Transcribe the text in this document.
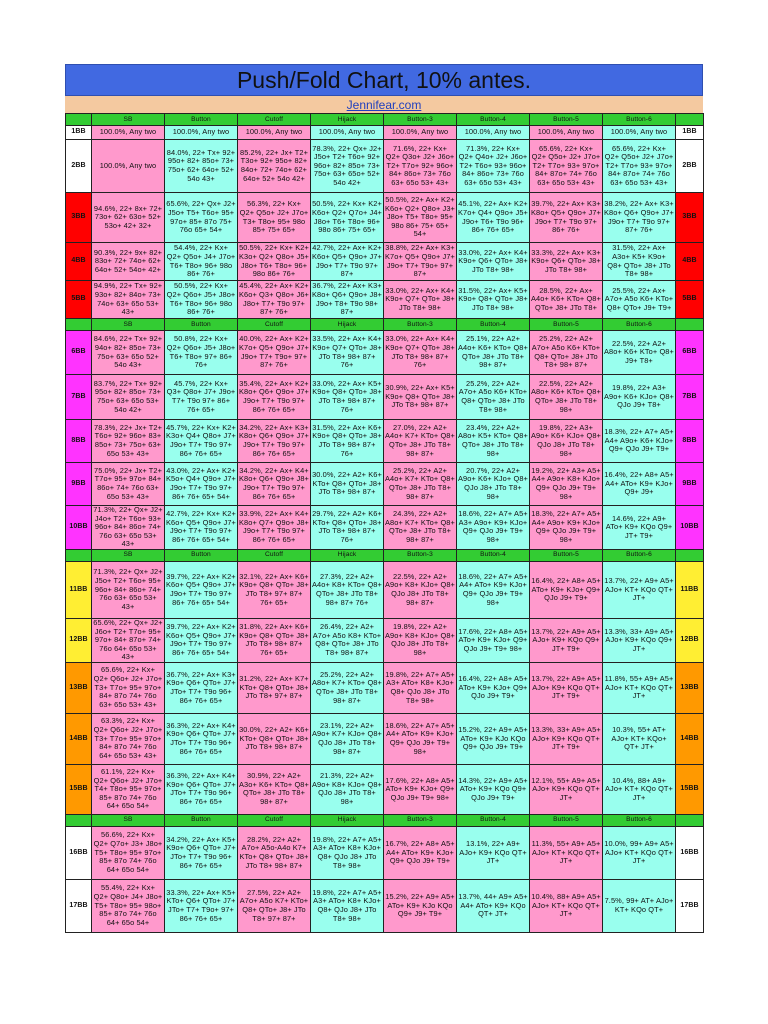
Push/Fold Chart, 10% antes.
Jennifear.com
	SB	Button	Cutoff	Hijack	Button-3	Button-4	Button-5	Button-6	
1BB	100.0%, Any two	100.0%, Any two	100.0%, Any two	100.0%, Any two	100.0%, Any two	100.0%, Any two	100.0%, Any two	100.0%, Any two	1BB
2BB	100.0%, Any two	84.0%, 22+ Tx+ 92+ 95o+ 82+ 85o+ 73+ 75o+ 62+ 64o+ 52+ 54o 43+	85.2%, 22+ Jx+ T2+ T3o+ 92+ 95o+ 82+ 84o+ 72+ 74o+ 62+ 64o+ 52+ 54o 42+	78.3%, 22+ Qx+ J2+ J5o+ T2+ T6o+ 92+ 96o+ 82+ 85o+ 73+ 75o+ 63+ 65o+ 52+ 54o 42+	71.6%, 22+ Kx+ Q2+ Q3o+ J2+ J6o+ T2+ T7o+ 92+ 96o+ 84+ 86o+ 73+ 76o 63+ 65o 53+ 43+	71.3%, 22+ Kx+ Q2+ Q4o+ J2+ J6o+ T2+ T6o+ 93+ 96o+ 84+ 86o+ 73+ 76o 63+ 65o 53+ 43+	65.6%, 22+ Kx+ Q2+ Q5o+ J2+ J7o+ T2+ T7o+ 93+ 97o+ 84+ 87o+ 74+ 76o 63+ 65o 53+ 43+	65.6%, 22+ Kx+ Q2+ Q5o+ J2+ J7o+ T2+ T7o+ 93+ 97o+ 84+ 87o+ 74+ 76o 63+ 65o 53+ 43+	2BB
3BB	94.6%, 22+ 8x+ 72+ 73o+ 62+ 63o+ 52+ 53o+ 42+ 32+	65.6%, 22+ Qx+ J2+ J5o+ T5+ T6o+ 95+ 97o+ 85+ 87o 75+ 76o 65+ 54+	56.3%, 22+ Kx+ Q2+ Q5o+ J2+ J7o+ T3+ T8o+ 95+ 98o 85+ 75+ 65+	50.5%, 22+ Kx+ K2+ K6o+ Q2+ Q7o+ J4+ J8o+ T6+ T8o+ 96+ 98o 86+ 75+ 65+	50.5%, 22+ Ax+ K2+ K6o+ Q2+ Q8o+ J3+ J8o+ T5+ T8o+ 95+ 98o 86+ 75+ 65+ 54+	45.1%, 22+ Ax+ K2+ K7o+ Q4+ Q9o+ J5+ J9o+ T6+ T9o 96+ 86+ 76+ 65+	39.7%, 22+ Ax+ K3+ K8o+ Q5+ Q9o+ J7+ J9o+ T7+ T9o 97+ 86+ 76+	38.2%, 22+ Ax+ K3+ K8o+ Q6+ Q9o+ J7+ J9o+ T7+ T9o 97+ 87+ 76+	3BB
4BB	90.3%, 22+ 9x+ 82+ 83o+ 72+ 74o+ 62+ 64o+ 52+ 54o+ 42+	54.4%, 22+ Kx+ Q2+ Q5o+ J4+ J7o+ T6+ T8o+ 96+ 98o 86+ 76+	50.5%, 22+ Kx+ K2+ K3o+ Q2+ Q8o+ J5+ J8o+ T6+ T8o+ 96+ 98o 86+ 76+	42.7%, 22+ Ax+ K2+ K6o+ Q5+ Q9o+ J7+ J9o+ T7+ T9o 97+ 87+	38.8%, 22+ Ax+ K3+ K7o+ Q5+ Q9o+ J7+ J9o+ T7+ T9o+ 97+ 87+	33.0%, 22+ Ax+ K4+ K9o+ Q6+ QTo+ J8+ JTo T8+ 98+	33.3%, 22+ Ax+ K3+ K9o+ Q6+ QTo+ J8+ JTo T8+ 98+	31.5%, 22+ Ax+ A3o+ K5+ K9o+ Q8+ QTo+ J8+ JTo T8+ 98+	4BB
5BB	94.9%, 22+ Tx+ 92+ 93o+ 82+ 84o+ 73+ 74o+ 63+ 65o 53+ 43+	50.5%, 22+ Kx+ Q2+ Q6o+ J5+ J8o+ T6+ T8o+ 96+ 98o 86+ 76+	45.4%, 22+ Ax+ K2+ K6o+ Q3+ Q8o+ J6+ J8o+ T7+ T9o 97+ 87+ 76+	36.7%, 22+ Ax+ K3+ K8o+ Q6+ Q9o+ J8+ J9o+ T8+ T9o 98+ 87+	33.0%, 22+ Ax+ K4+ K9o+ Q7+ QTo+ J8+ JTo T8+ 98+	31.5%, 22+ Ax+ K5+ K9o+ Q8+ QTo+ J8+ JTo T8+ 98+	28.5%, 22+ Ax+ A4o+ K6+ KTo+ Q8+ QTo+ J8+ JTo T8+	25.5%, 22+ Ax+ A7o+ A5o K6+ KTo+ Q8+ QTo+ J9+ T9+	5BB
	SB	Button	Cutoff	Hijack	Button-3	Button-4	Button-5	Button-6	
6BB	84.6%, 22+ Tx+ 92+ 94o+ 82+ 85o+ 73+ 75o+ 63+ 65o 52+ 54o 43+	50.8%, 22+ Kx+ Q2+ Q6o+ J5+ J8o+ T6+ T8o+ 97+ 86+ 76+	40.0%, 22+ Ax+ K2+ K7o+ Q5+ Q9o+ J7+ J9o+ T7+ T9o+ 97+ 87+ 76+	33.5%, 22+ Ax+ K4+ K9o+ Q7+ QTo+ J8+ JTo T8+ 98+ 87+ 76+	33.0%, 22+ Ax+ K4+ K9o+ Q7+ QTo+ J8+ JTo T8+ 98+ 87+ 76+	25.1%, 22+ A2+ A4o+ K6+ KTo+ Q8+ QTo+ J8+ JTo T8+ 98+ 87+	25.2%, 22+ A2+ A7o+ A5o K6+ KTo+ Q8+ QTo+ J8+ JTo T8+ 98+ 87+	22.5%, 22+ A2+ A8o+ K6+ KTo+ Q8+ J9+ T8+	6BB
7BB	83.7%, 22+ Tx+ 92+ 95o+ 82+ 85o+ 73+ 75o+ 63+ 65o 53+ 54o 42+	45.7%, 22+ Kx+ Q3+ Q8o+ J7+ J9o+ T7+ T9o 97+ 86+ 76+ 65+	35.4%, 22+ Ax+ K2+ K8o+ Q6+ Q9o+ J7+ J9o+ T7+ T9o 97+ 86+ 76+ 65+	33.0%, 22+ Ax+ K5+ K9o+ Q8+ QTo+ J8+ JTo T8+ 98+ 87+ 76+	30.9%, 22+ Ax+ K5+ K9o+ Q8+ QTo+ J8+ JTo T8+ 98+ 87+	25.2%, 22+ A2+ A7o+ A5o K6+ KTo+ Q8+ QTo+ J8+ JTo T8+ 98+	22.5%, 22+ A2+ A8o+ K6+ KTo+ Q8+ QTo+ J8+ JTo T8+ 98+	19.8%, 22+ A3+ A9o+ K6+ KJo+ Q8+ QJo J9+ T8+	7BB
8BB	78.3%, 22+ Jx+ T2+ T6o+ 92+ 96o+ 83+ 85o+ 73+ 75o+ 63+ 65o 53+ 43+	45.7%, 22+ Kx+ K2+ K3o+ Q4+ Q8o+ J7+ J9o+ T7+ T9o 97+ 86+ 76+ 65+	34.2%, 22+ Ax+ K3+ K8o+ Q6+ Q9o+ J7+ J9o+ T7+ T9o 97+ 86+ 76+ 65+	31.5%, 22+ Ax+ K6+ K9o+ Q8+ QTo+ J8+ JTo T8+ 98+ 87+ 76+	27.0%, 22+ A2+ A4o+ K7+ KTo+ Q8+ QTo+ J8+ JTo T8+ 98+ 87+	23.4%, 22+ A2+ A8o+ K5+ KTo+ Q8+ QTo+ J8+ JTo T8+ 98+	19.8%, 22+ A3+ A9o+ K6+ KJo+ Q8+ QJo J8+ JTo T8+ 98+	18.3%, 22+ A7+ A5+ A4+ A9o+ K6+ KJo+ Q9+ QJo J9+ T9+	8BB
9BB	75.0%, 22+ Jx+ T2+ T7o+ 95+ 97o+ 84+ 86o+ 74+ 76o 63+ 65o 53+ 43+	43.0%, 22+ Ax+ K2+ K5o+ Q4+ Q9o+ J7+ J9o+ T7+ T9o 97+ 86+ 76+ 65+ 54+	34.2%, 22+ Ax+ K4+ K8o+ Q6+ Q9o+ J8+ J9o+ T7+ T9o 97+ 86+ 76+ 65+	30.0%, 22+ A2+ K6+ KTo+ Q8+ QTo+ J8+ JTo T8+ 98+ 87+	25.2%, 22+ A2+ A4o+ K7+ KTo+ Q8+ QTo+ J8+ JTo T8+ 98+ 87+	20.7%, 22+ A2+ A9o+ K6+ KJo+ Q8+ QJo J8+ JTo T8+ 98+	19.2%, 22+ A3+ A5+ A4+ A9o+ K8+ KJo+ Q9+ QJo J9+ T9+ 98+	16.4%, 22+ A8+ A5+ A4+ ATo+ K9+ KJo+ Q9+ J9+	9BB
10BB	71.3%, 22+ Qx+ J2+ J4o+ T2+ T6o+ 93+ 96o+ 84+ 86o+ 74+ 76o 63+ 65o 53+ 43+	42.7%, 22+ Kx+ K2+ K6o+ Q5+ Q9o+ J7+ J9o+ T7+ T9o 97+ 86+ 76+ 65+ 54+	33.9%, 22+ Ax+ K4+ K8o+ Q7+ Q9o+ J8+ J9o+ T7+ T9o 97+ 86+ 76+ 65+	29.7%, 22+ A2+ K6+ KTo+ Q8+ QTo+ J8+ JTo T8+ 98+ 87+ 76+	24.3%, 22+ A2+ A8o+ K7+ KTo+ Q8+ QTo+ J8+ JTo T8+ 98+ 87+	18.6%, 22+ A7+ A5+ A3+ A9o+ K9+ KJo+ Q9+ QJo J9+ T9+ 98+	18.3%, 22+ A7+ A5+ A4+ A9o+ K9+ KJo+ Q9+ QJo J9+ T9+ 98+	14.6%, 22+ A9+ ATo+ K9+ KQo Q9+ JT+ T9+	10BB
	SB	Button	Cutoff	Hijack	Button-3	Button-4	Button-5	Button-6	
11BB	71.3%, 22+ Qx+ J2+ J5o+ T2+ T6o+ 95+ 96o+ 84+ 86o+ 74+ 76o 63+ 65o 53+ 43+	39.7%, 22+ Ax+ K2+ K6o+ Q5+ Q9o+ J7+ J9o+ T7+ T9o 97+ 86+ 76+ 65+ 54+	32.1%, 22+ Ax+ K6+ K9o+ Q8+ QTo+ J8+ JTo T8+ 97+ 87+ 76+ 65+	27.3%, 22+ A2+ A4o+ K8+ KTo+ Q8+ QTo+ J8+ JTo T8+ 98+ 87+ 76+	22.5%, 22+ A2+ A9o+ K8+ KJo+ Q8+ QJo J8+ JTo T8+ 98+ 87+	18.6%, 22+ A7+ A5+ A4+ ATo+ K9+ KJo+ Q9+ QJo J9+ T9+ 98+	16.4%, 22+ A8+ A5+ ATo+ K9+ KJo+ Q9+ QJo J9+ T9+	13.7%, 22+ A9+ A5+ AJo+ KT+ KQo QT+ JT+	11BB
12BB	65.6%, 22+ Qx+ J2+ J6o+ T2+ T7o+ 95+ 97o+ 84+ 87o+ 74+ 76o 64+ 65o 53+ 43+	39.7%, 22+ Ax+ K2+ K6o+ Q5+ Q9o+ J7+ J9o+ T7+ T9o 97+ 86+ 76+ 65+ 54+	31.8%, 22+ Ax+ K6+ K9o+ Q8+ QTo+ J8+ JTo T8+ 98+ 87+ 76+ 65+	26.4%, 22+ A2+ A7o+ A5o K8+ KTo+ Q8+ QTo+ J8+ JTo T8+ 98+ 87+	19.8%, 22+ A2+ A9o+ K8+ KJo+ Q8+ QJo J8+ JTo T8+ 98+	17.6%, 22+ A8+ A5+ ATo+ K9+ KJo+ Q9+ QJo J9+ T9+ 98+	13.7%, 22+ A9+ A5+ AJo+ K9+ KQo Q9+ JT+ T9+	13.3%, 33+ A9+ A5+ AJo+ K9+ KQo Q9+ JT+	12BB
13BB	65.6%, 22+ Kx+ Q2+ Q6o+ J2+ J7o+ T3+ T7o+ 95+ 97o+ 84+ 87o 74+ 76o 63+ 65o 53+ 43+	36.7%, 22+ Ax+ K3+ K9o+ Q6+ QTo+ J7+ JTo+ T7+ T9o 96+ 86+ 76+ 65+	31.2%, 22+ Ax+ K7+ KTo+ Q8+ QTo+ J8+ JTo T8+ 97+ 87+	25.2%, 22+ A2+ A8o+ K7+ KTo+ Q8+ QTo+ J8+ JTo T8+ 98+ 87+	19.8%, 22+ A7+ A5+ A3+ ATo+ K8+ KJo+ Q8+ QJo J8+ JTo T8+ 98+	16.4%, 22+ A8+ A5+ ATo+ K9+ KJo+ Q9+ QJo J9+ T9+	13.7%, 22+ A9+ A5+ AJo+ K9+ KQo QT+ JT+ T9+	11.8%, 55+ A9+ A5+ AJo+ KT+ KQo QT+ JT+	13BB
14BB	63.3%, 22+ Kx+ Q2+ Q6o+ J2+ J7o+ T3+ T7o+ 95+ 97o+ 84+ 87o 74+ 76o 64+ 65o 53+ 43+	36.3%, 22+ Ax+ K4+ K9o+ Q6+ QTo+ J7+ JTo+ T7+ T9o 96+ 86+ 76+ 65+	30.0%, 22+ A2+ K6+ KTo+ Q8+ QTo+ J8+ JTo T8+ 98+ 87+	23.1%, 22+ A2+ A9o+ K7+ KJo+ Q8+ QJo J8+ JTo T8+ 98+ 87+	18.6%, 22+ A7+ A5+ A4+ ATo+ K9+ KJo+ Q9+ QJo J9+ T9+ 98+	15.2%, 22+ A9+ A5+ ATo+ K9+ KJo KQo Q9+ QJo J9+ T9+	13.3%, 33+ A9+ A5+ AJo+ K9+ KQo QT+ JT+ T9+	10.3%, 55+ AT+ AJo+ KT+ KQo+ QT+ JT+	14BB
15BB	61.1%, 22+ Kx+ Q2+ Q6o+ J2+ J7o+ T4+ T8o+ 95+ 97o+ 85+ 87o 74+ 76o 64+ 65o 54+	36.3%, 22+ Ax+ K4+ K9o+ Q6+ QTo+ J7+ JTo+ T7+ T9o 96+ 86+ 76+ 65+	30.9%, 22+ A2+ A3o+ K6+ KTo+ Q8+ QTo+ J8+ JTo T8+ 98+ 87+	21.3%, 22+ A2+ A9o+ K8+ KJo+ Q8+ QJo J8+ JTo T8+ 98+	17.6%, 22+ A8+ A5+ ATo+ K9+ KJo+ Q9+ QJo J9+ T9+ 98+	14.3%, 22+ A9+ A5+ ATo+ K9+ KQo Q9+ QJo J9+ T9+	12.1%, 55+ A9+ A5+ AJo+ K9+ KQo QT+ JT+	10.4%, 88+ A9+ AJo+ KT+ KQo QT+ JT+	15BB
	SB	Button	Cutoff	Hijack	Button-3	Button-4	Button-5	Button-6	
16BB	56.6%, 22+ Kx+ Q2+ Q7o+ J3+ J8o+ T5+ T8o+ 95+ 97o+ 85+ 87o 74+ 76o 64+ 65o 54+	34.2%, 22+ Ax+ K5+ K9o+ Q6+ QTo+ J7+ JTo+ T7+ T9o 96+ 86+ 76+ 65+	28.2%, 22+ A2+ A7o+ A5o-A4o K7+ KTo+ Q8+ QTo+ J8+ JTo T8+ 98+ 87+	19.8%, 22+ A7+ A5+ A3+ ATo+ K8+ KJo+ Q8+ QJo J8+ JTo T8+ 98+	16.7%, 22+ A8+ A5+ A4+ ATo+ K9+ KJo+ Q9+ QJo J9+ T9+	13.1%, 22+ A9+ AJo+ K9+ KQo QT+ JT+	11.3%, 55+ A9+ A5+ AJo+ KT+ KQo QT+ JT+	10.0%, 99+ A9+ A5+ AJo+ KT+ KQo QT+ JT+	16BB
17BB	55.4%, 22+ Kx+ Q2+ Q8o+ J4+ J8o+ T5+ T8o+ 95+ 98o+ 85+ 87o 74+ 76o 64+ 65o 54+	33.3%, 22+ Ax+ K5+ KTo+ Q6+ QTo+ J7+ JTo+ T7+ T9o+ 97+ 86+ 76+ 65+	27.5%, 22+ A2+ A7o+ A5o K7+ KTo+ Q8+ QTo+ J8+ JTo T8+ 97+ 87+	19.8%, 22+ A7+ A5+ A3+ ATo+ K8+ KJo+ Q8+ QJo J8+ JTo T8+ 98+	15.2%, 22+ A9+ A5+ ATo+ K9+ KJo KQo Q9+ J9+ T9+	13.7%, 44+ A9+ A5+ A4+ ATo+ K9+ KQo QT+ JT+	10.4%, 88+ A9+ A5+ AJo+ KT+ KQo QT+ JT+	7.5%, 99+ AT+ AJo+ KT+ KQo QT+	17BB
